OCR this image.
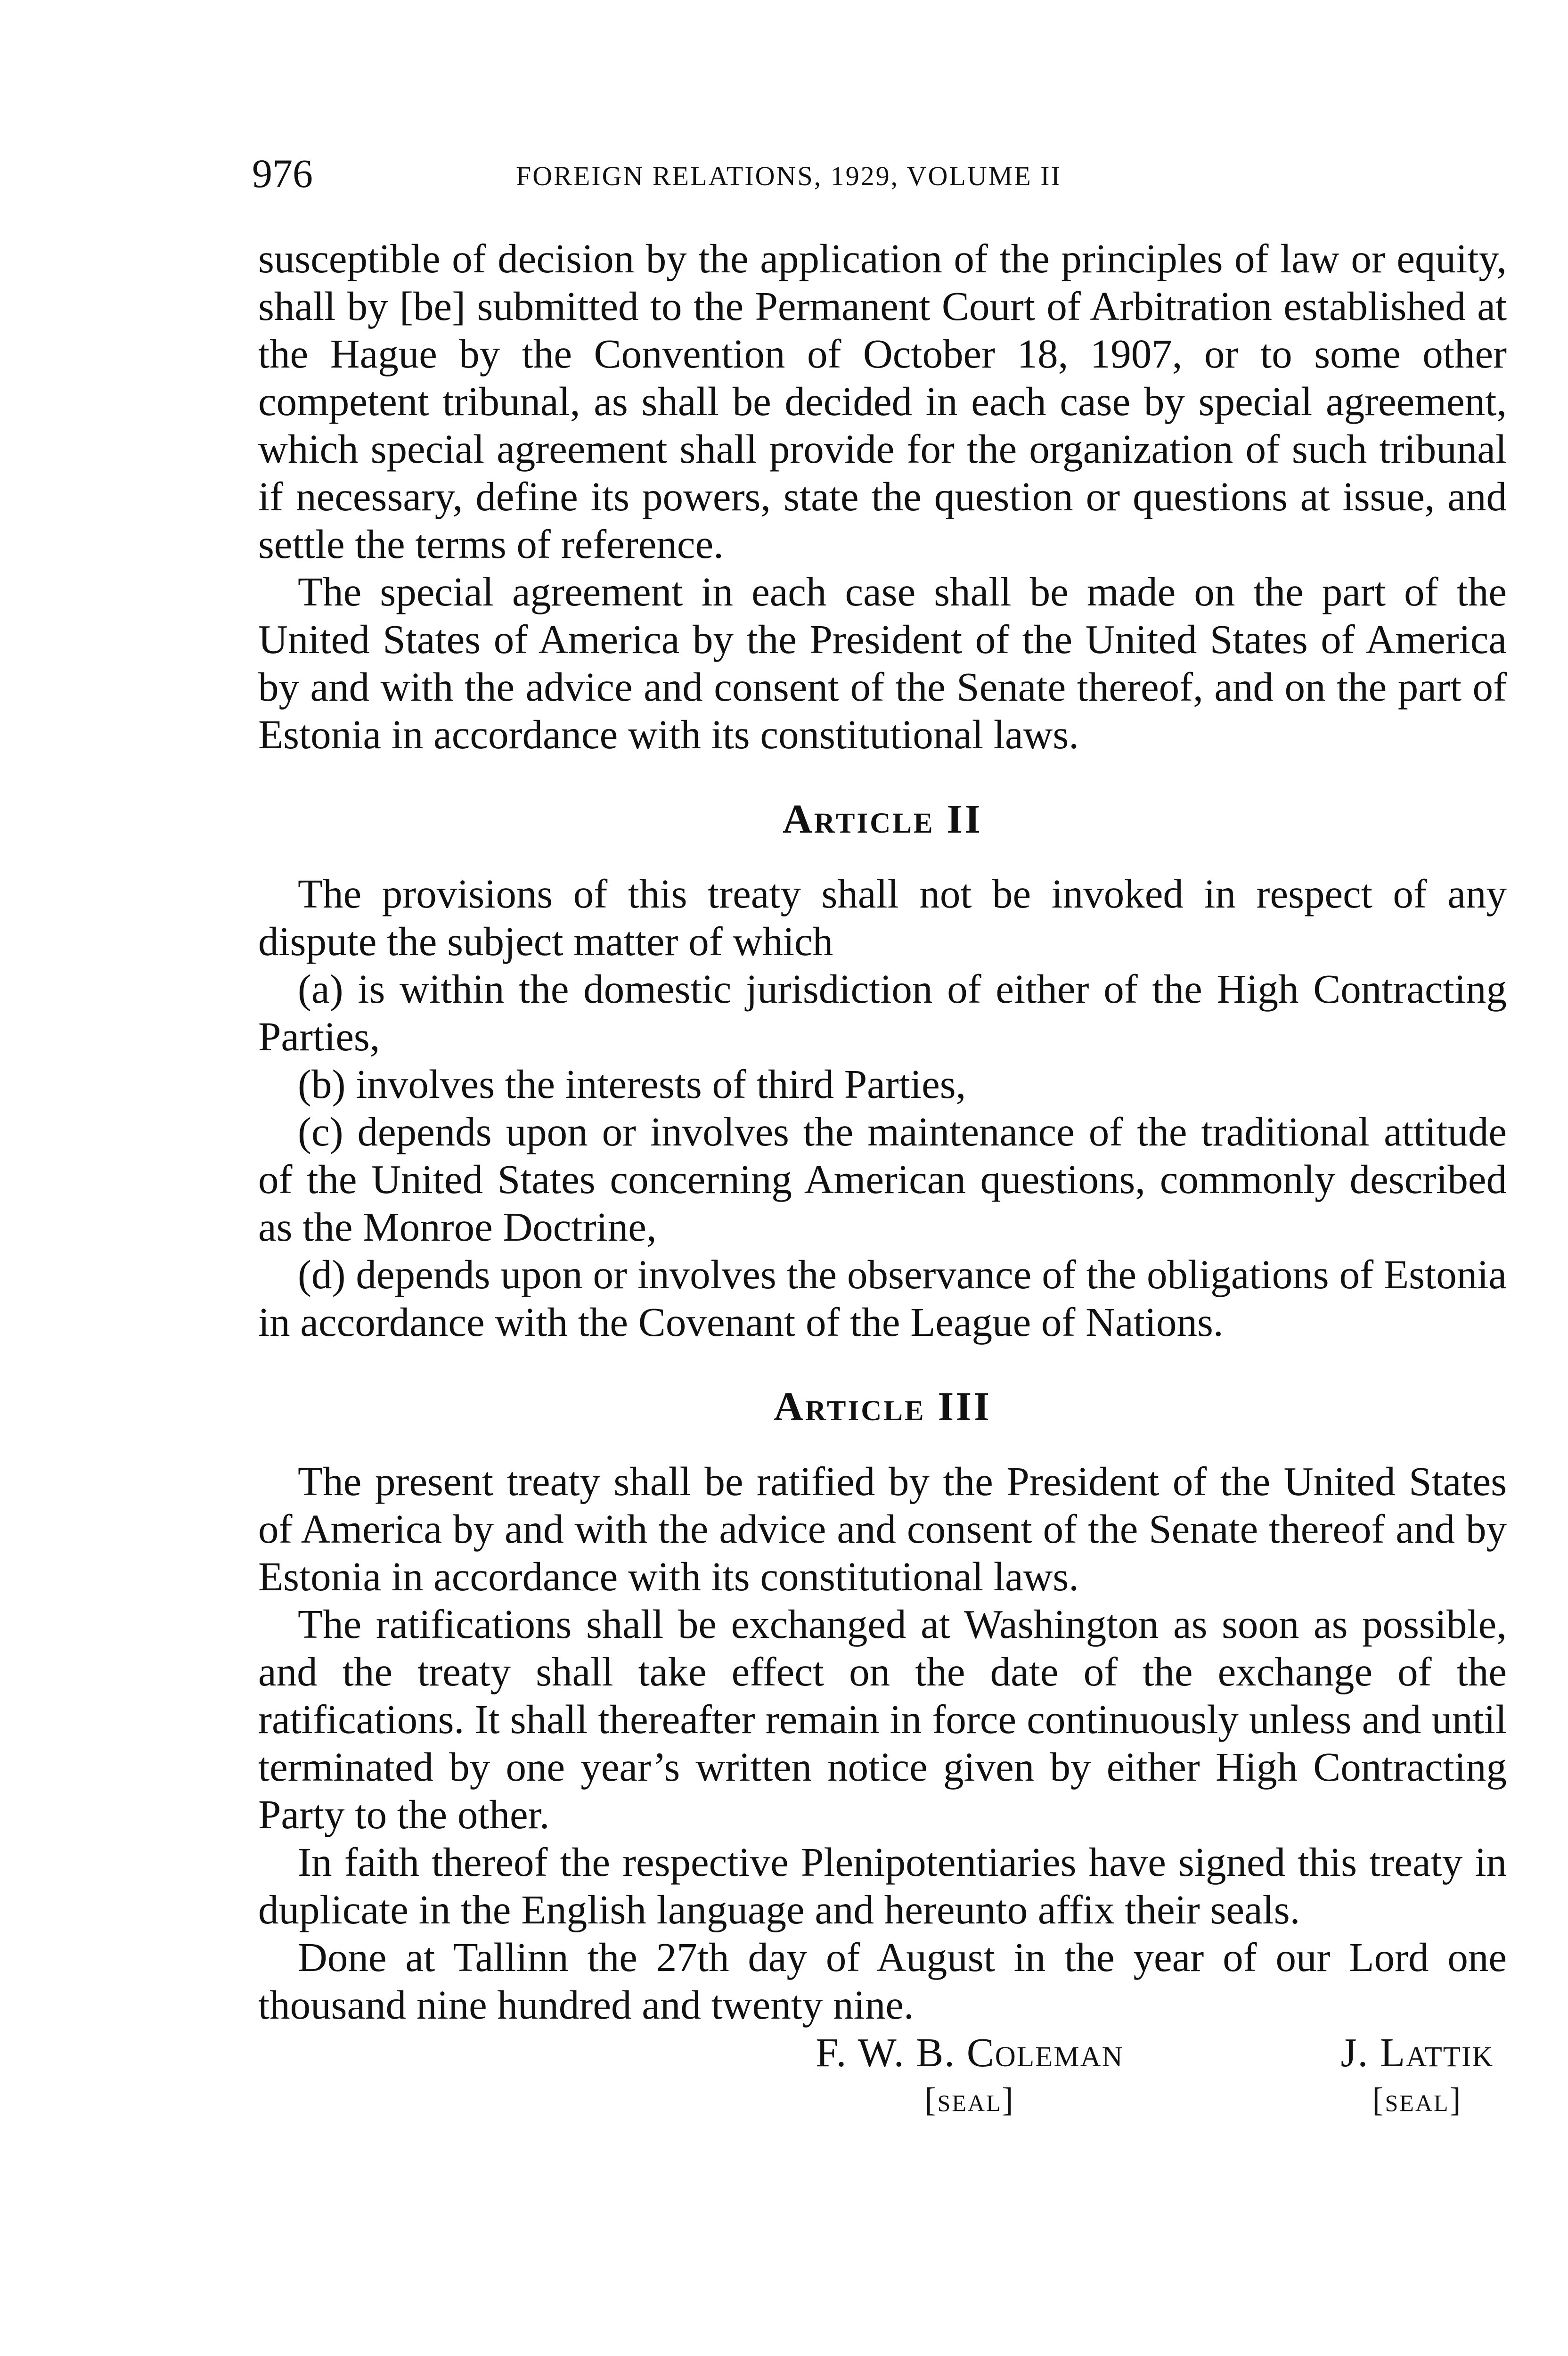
976	FOREIGN RELATIONS, 1929, VOLUME II

susceptible of decision by the application of the principles of law or equity, shall by [be] submitted to the Permanent Court of Arbitration established at the Hague by the Convention of October 18, 1907, or to some other competent tribunal, as shall be decided in each case by special agreement, which special agreement shall provide for the organization of such tribunal if necessary, define its powers, state the question or questions at issue, and settle the terms of reference.

The special agreement in each case shall be made on the part of the United States of America by the President of the United States of America by and with the advice and consent of the Senate thereof, and on the part of Estonia in accordance with its constitutional laws.

Article II

The provisions of this treaty shall not be invoked in respect of any dispute the subject matter of which

(a) is within the domestic jurisdiction of either of the High Contracting Parties,

(b) involves the interests of third Parties,

(c) depends upon or involves the maintenance of the traditional attitude of the United States concerning American questions, commonly described as the Monroe Doctrine,

(d) depends upon or involves the observance of the obligations of Estonia in accordance with the Covenant of the League of Nations.

Article III

The present treaty shall be ratified by the President of the United States of America by and with the advice and consent of the Senate thereof and by Estonia in accordance with its constitutional laws.

The ratifications shall be exchanged at Washington as soon as possible, and the treaty shall take effect on the date of the exchange of the ratifications. It shall thereafter remain in force continuously unless and until terminated by one year’s written notice given by either High Contracting Party to the other.

In faith thereof the respective Plenipotentiaries have signed this treaty in duplicate in the English language and hereunto affix their seals.

Done at Tallinn the 27th day of August in the year of our Lord one thousand nine hundred and twenty nine.

F. W. B. Coleman
[seal]
J. Lattik
[seal]
